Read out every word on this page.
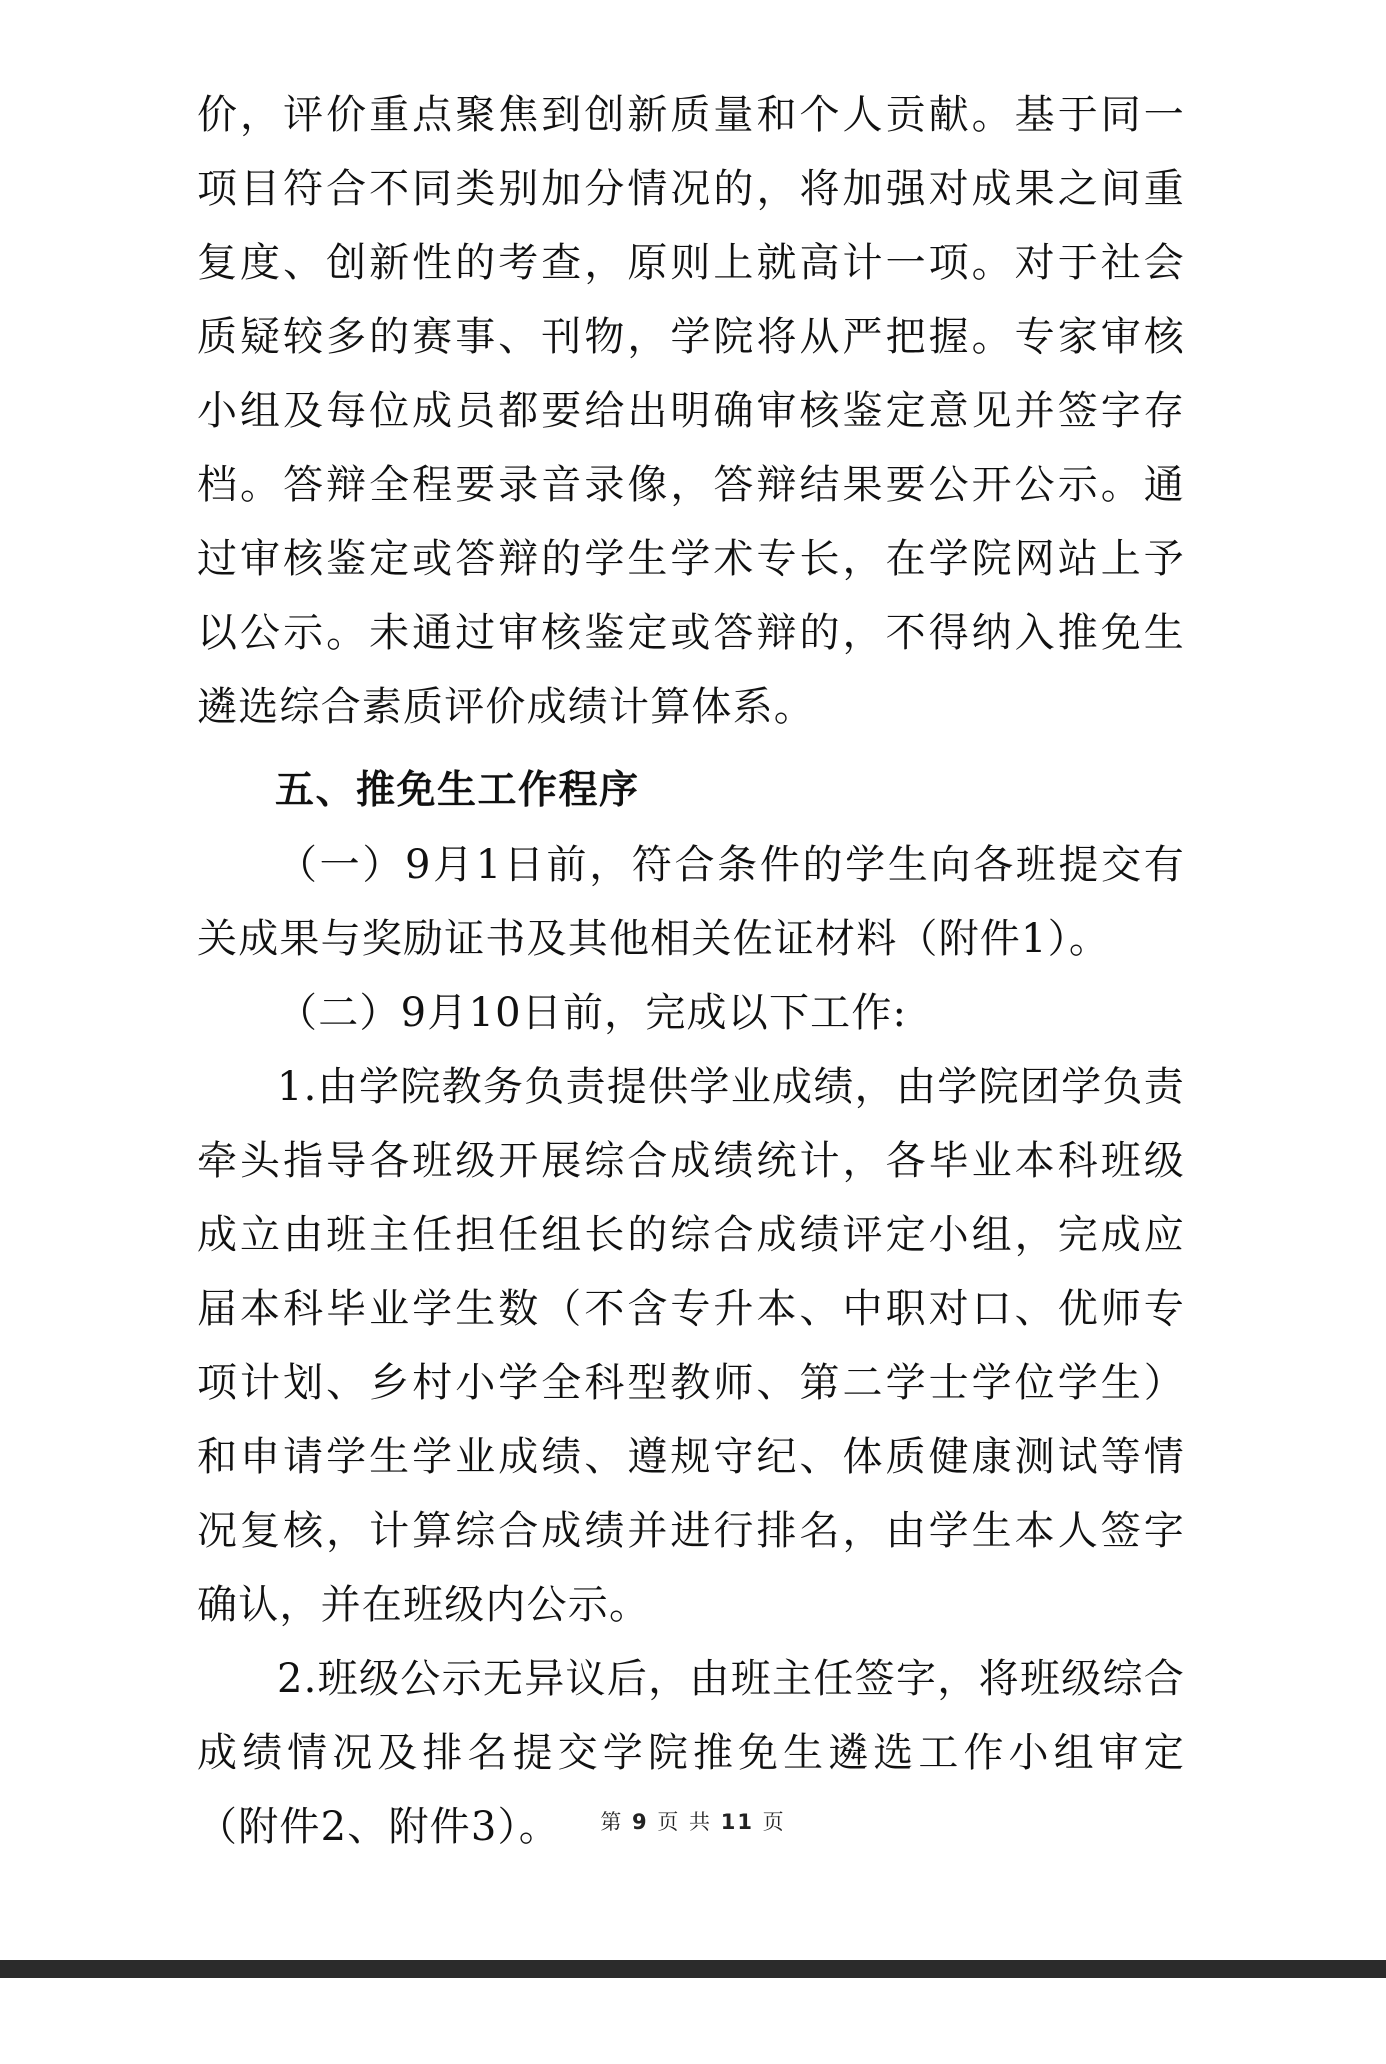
价，评价重点聚焦到创新质量和个人贡献。基于同一项目符合不同类别加分情况的，将加强对成果之间重复度、创新性的考查，原则上就高计一项。对于社会质疑较多的赛事、刊物，学院将从严把握。专家审核小组及每位成员都要给出明确审核鉴定意见并签字存档。答辩全程要录音录像，答辩结果要公开公示。通过审核鉴定或答辩的学生学术专长，在学院网站上予以公示。未通过审核鉴定或答辩的，不得纳入推免生遴选综合素质评价成绩计算体系。

五、推免生工作程序

（一）9月1日前，符合条件的学生向各班提交有关成果与奖励证书及其他相关佐证材料（附件1）。

（二）9月10日前，完成以下工作:

1.由学院教务负责提供学业成绩，由学院团学负责牵头指导各班级开展综合成绩统计，各毕业本科班级成立由班主任担任组长的综合成绩评定小组，完成应届本科毕业学生数（不含专升本、中职对口、优师专项计划、乡村小学全科型教师、第二学士学位学生）和申请学生学业成绩、遵规守纪、体质健康测试等情况复核，计算综合成绩并进行排名，由学生本人签字确认，并在班级内公示。

2.班级公示无异议后，由班主任签字，将班级综合成绩情况及排名提交学院推免生遴选工作小组审定（附件2、附件3）。	第 9 页 共 11 页
